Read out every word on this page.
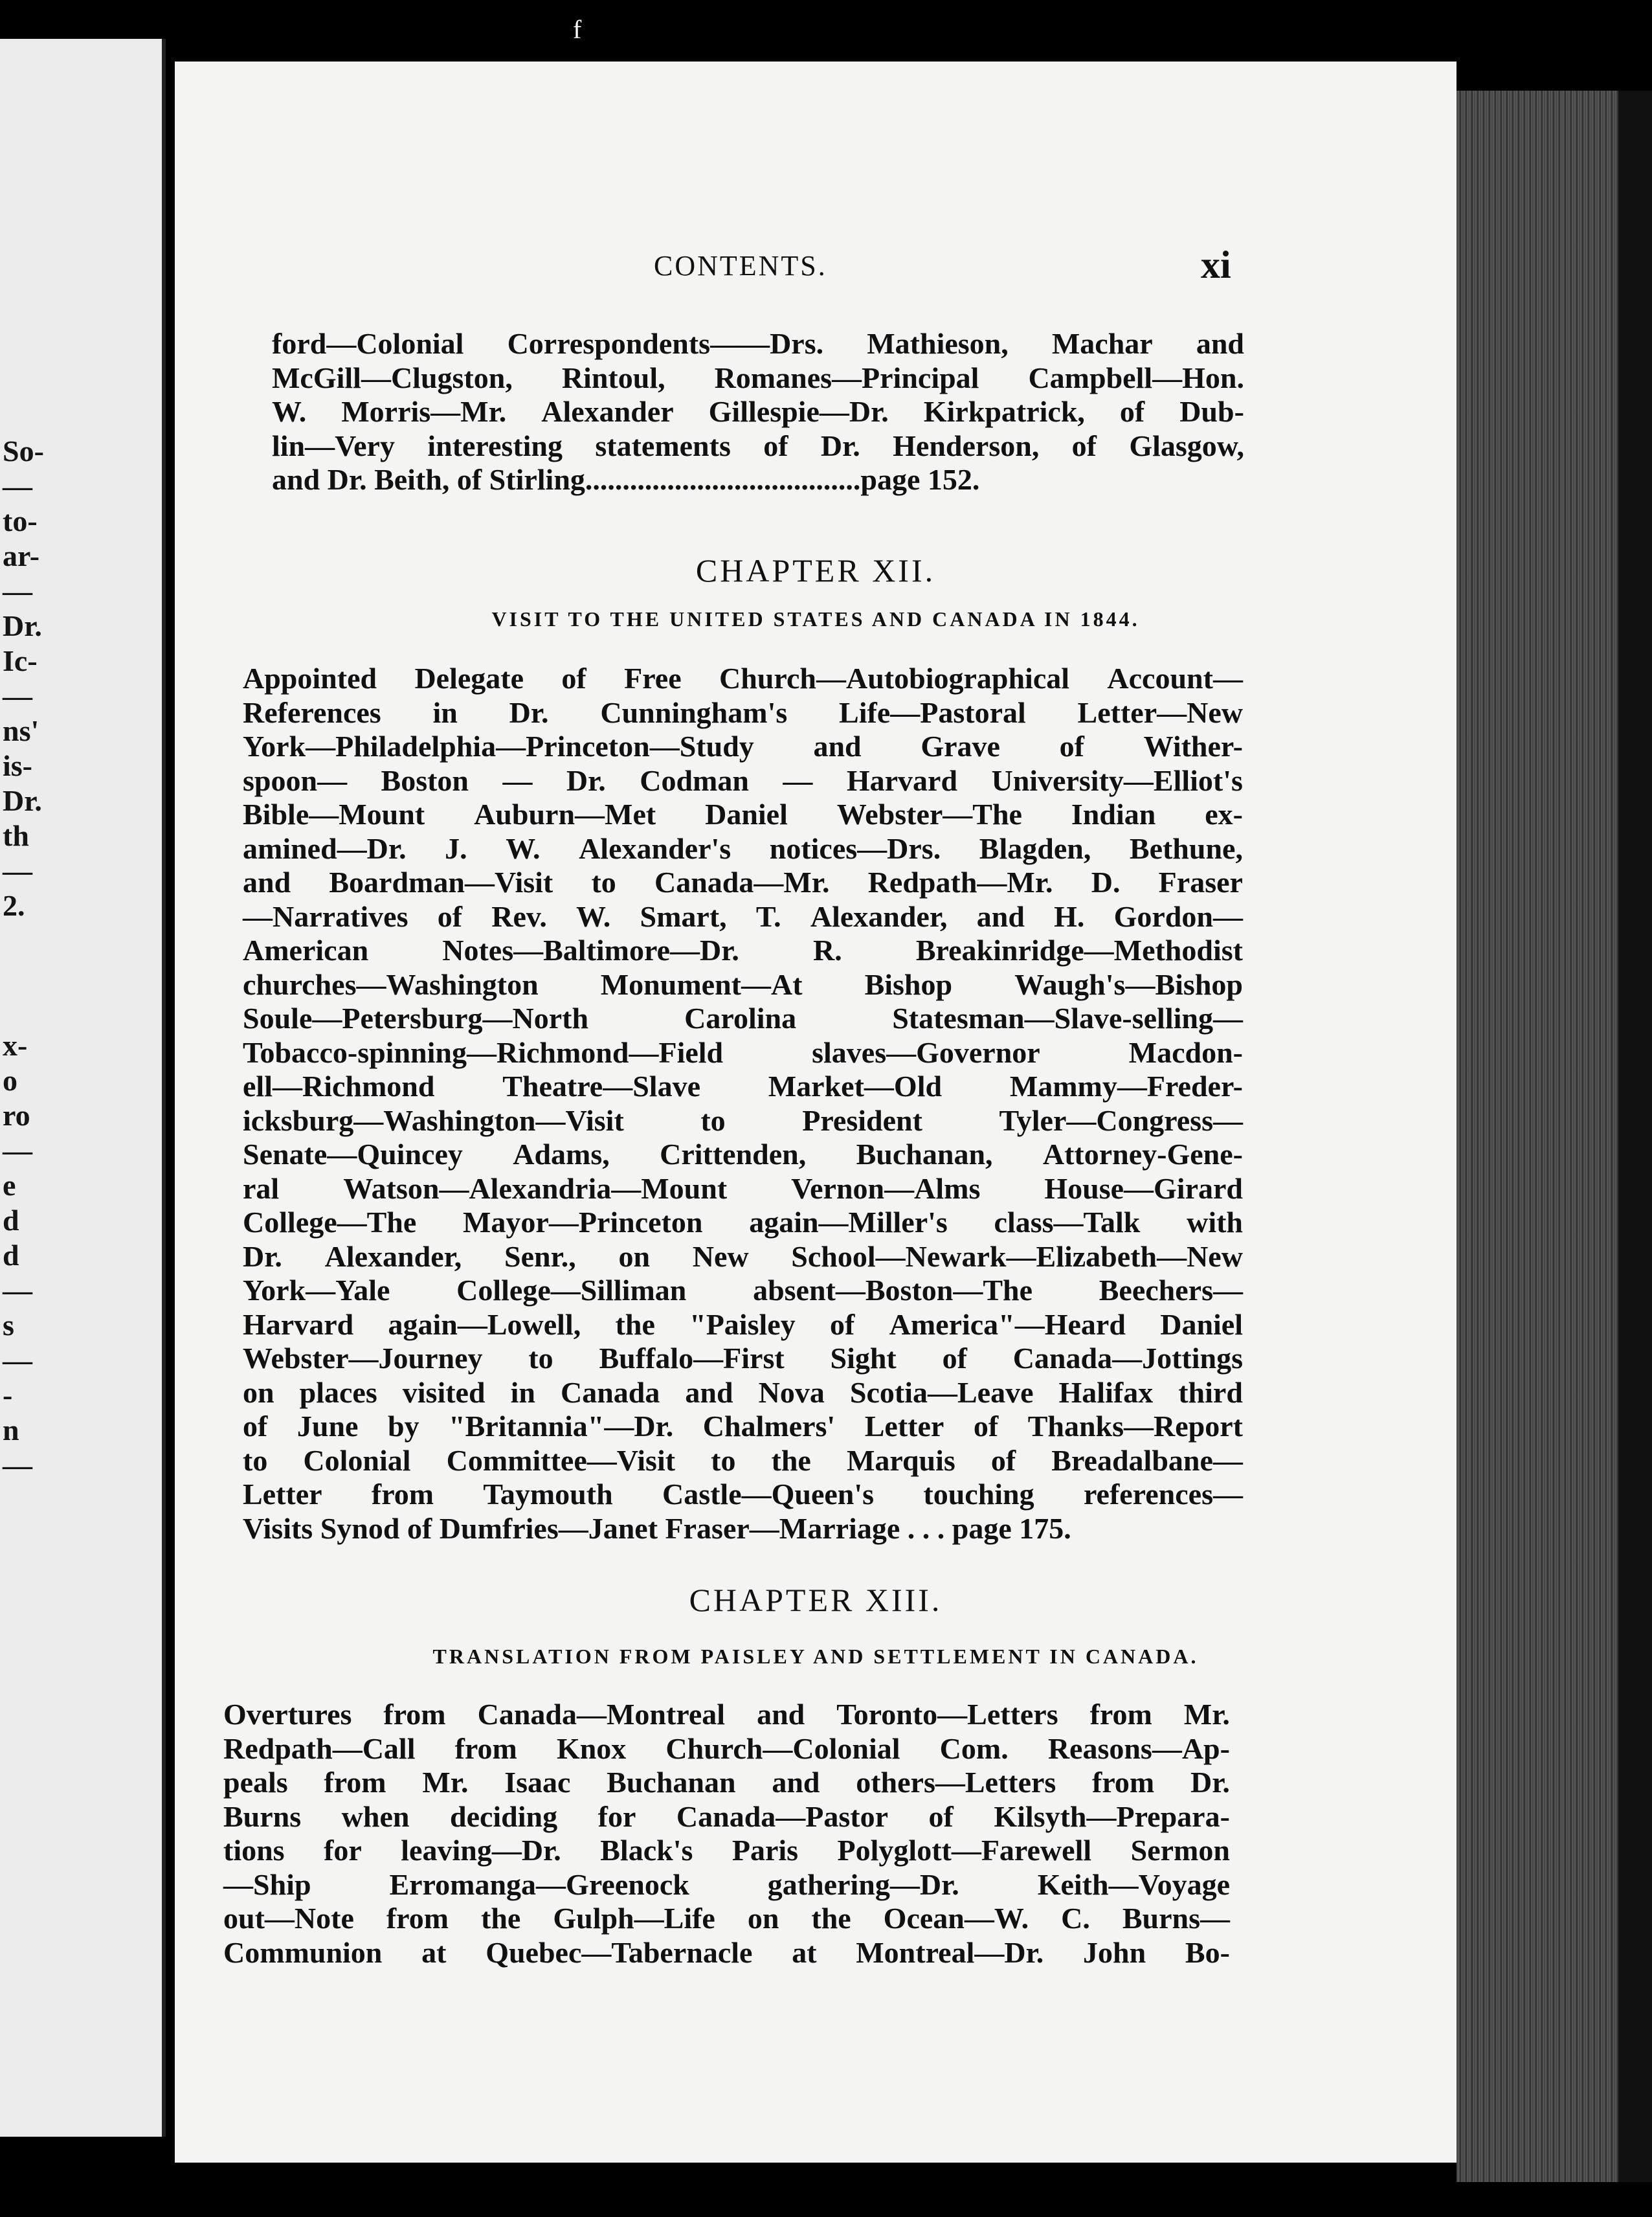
So-
—
to-
ar-
—
Dr.
Ic-
—
ns'
is-
Dr.
th
—
2.

x-
o
ro
—
e
d
d
—
s
—
-
n
—
f
CONTENTS.	xi
ford—Colonial Correspondents——Drs. Mathieson, Machar and
McGill—Clugston, Rintoul, Romanes—Principal Campbell—Hon.
W. Morris—Mr. Alexander Gillespie—Dr. Kirkpatrick, of Dub-
lin—Very interesting statements of Dr. Henderson, of Glasgow,
and Dr. Beith, of Stirling.....................................page 152.
CHAPTER XII.
VISIT TO THE UNITED STATES AND CANADA IN 1844.
Appointed Delegate of Free Church—Autobiographical Account—
References in Dr. Cunningham's Life—Pastoral Letter—New
York—Philadelphia—Princeton—Study and Grave of Wither-
spoon— Boston — Dr. Codman — Harvard University—Elliot's
Bible—Mount Auburn—Met Daniel Webster—The Indian ex-
amined—Dr. J. W. Alexander's notices—Drs. Blagden, Bethune,
and Boardman—Visit to Canada—Mr. Redpath—Mr. D. Fraser
—Narratives of Rev. W. Smart, T. Alexander, and H. Gordon—
American Notes—Baltimore—Dr. R. Breakinridge—Methodist
churches—Washington Monument—At Bishop Waugh's—Bishop
Soule—Petersburg—North	Carolina	Statesman—Slave-selling—
Tobacco-spinning—Richmond—Field	slaves—Governor	Macdon-
ell—Richmond Theatre—Slave Market—Old Mammy—Freder-
icksburg—Washington—Visit	to	President	Tyler—Congress—
Senate—Quincey Adams, Crittenden, Buchanan, Attorney-Gene-
ral Watson—Alexandria—Mount Vernon—Alms House—Girard
College—The Mayor—Princeton again—Miller's class—Talk with
Dr. Alexander, Senr., on New School—Newark—Elizabeth—New
York—Yale College—Silliman absent—Boston—The Beechers—
Harvard again—Lowell, the "Paisley of America"—Heard Daniel
Webster—Journey to Buffalo—First Sight of Canada—Jottings
on places visited in Canada and Nova Scotia—Leave Halifax third
of June by "Britannia"—Dr. Chalmers' Letter of Thanks—Report
to Colonial Committee—Visit to the Marquis of Breadalbane—
Letter from Taymouth Castle—Queen's touching references—
Visits Synod of Dumfries—Janet Fraser—Marriage . . . page 175.
CHAPTER XIII.
TRANSLATION FROM PAISLEY AND SETTLEMENT IN CANADA.
Overtures from Canada—Montreal and Toronto—Letters from Mr.
Redpath—Call from Knox Church—Colonial Com. Reasons—Ap-
peals from Mr. Isaac Buchanan and others—Letters from Dr.
Burns when deciding for Canada—Pastor of Kilsyth—Prepara-
tions for leaving—Dr. Black's Paris Polyglott—Farewell Sermon
—Ship	Erromanga—Greenock	gathering—Dr.	Keith—Voyage
out—Note from the Gulph—Life on the Ocean—W. C. Burns—
Communion at Quebec—Tabernacle at Montreal—Dr. John Bo-
